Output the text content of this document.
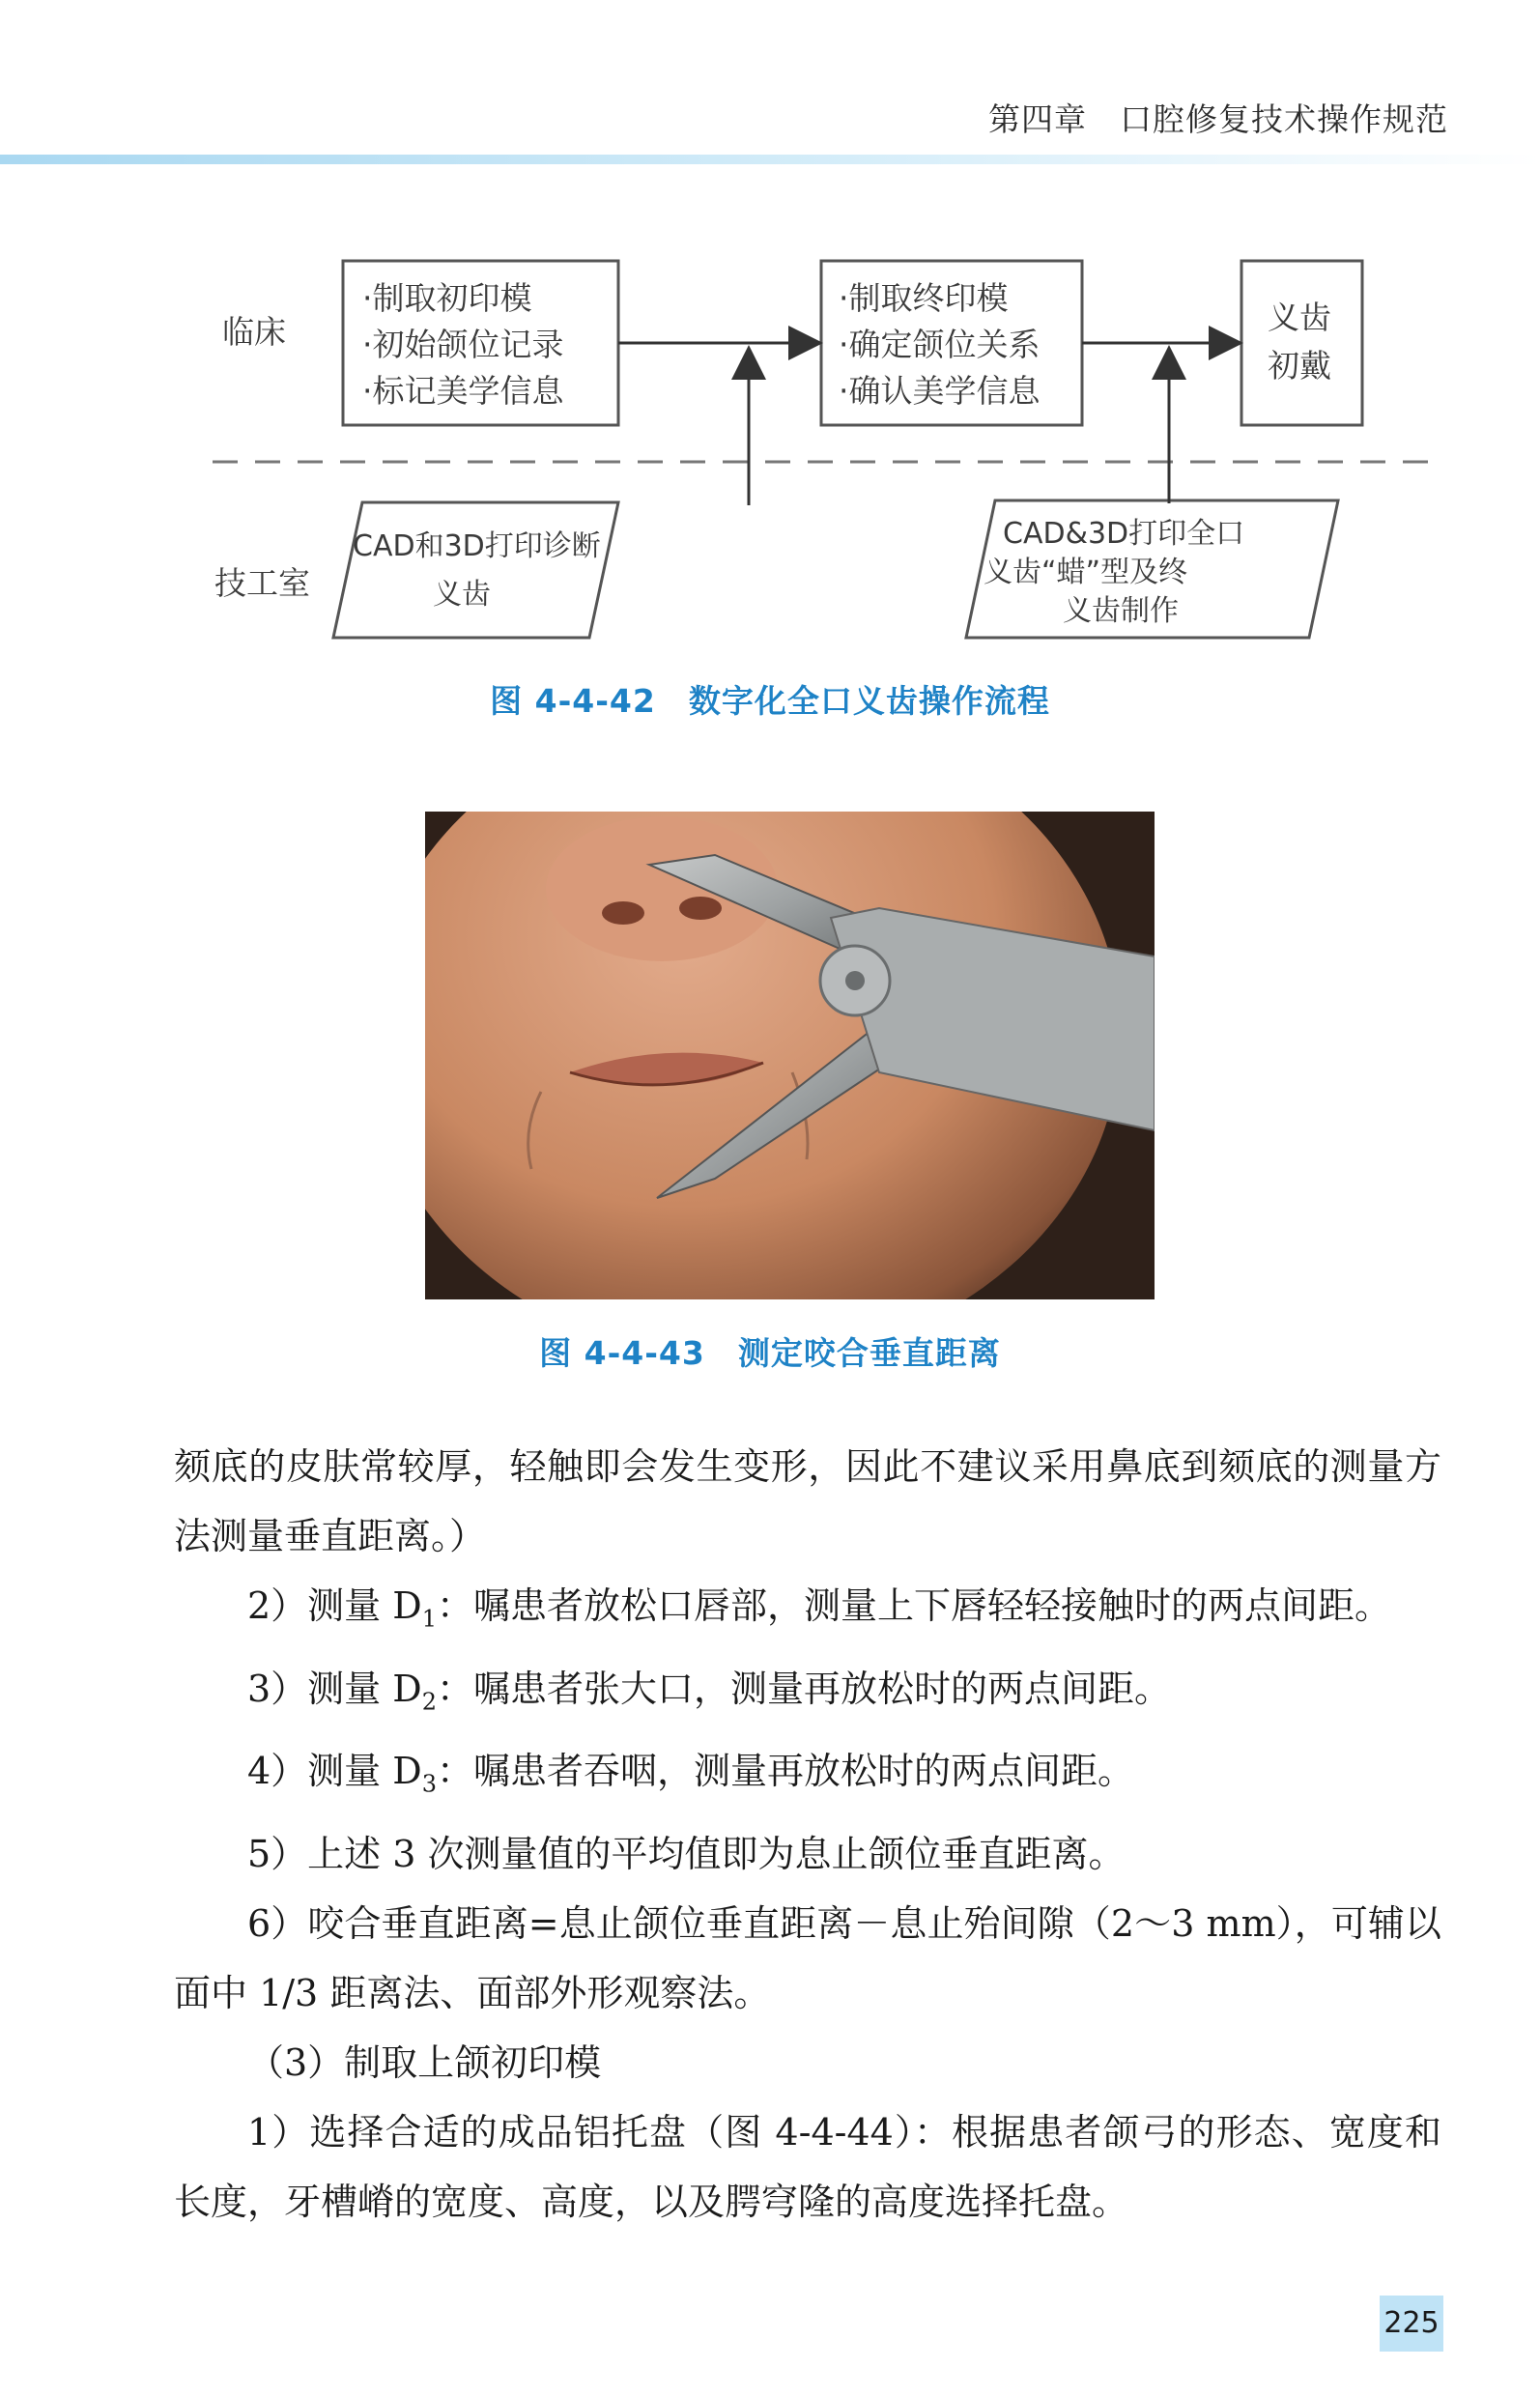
第四章　口腔修复技术操作规范
临床
技工室
·制取初印模
·初始颌位记录
·标记美学信息
·制取终印模
·确定颌位关系
·确认美学信息
义齿
初戴
CAD和3D打印诊断
义齿
CAD&3D打印全口
义齿“蜡”型及终
义齿制作
图 4-4-42　数字化全口义齿操作流程
图 4-4-43　测定咬合垂直距离

颏底的皮肤常较厚，轻触即会发生变形，因此不建议采用鼻底到颏底的测量方法测量垂直距离。）

2）测量 $D_1$：嘱患者放松口唇部，测量上下唇轻轻接触时的两点间距。

3）测量 $D_2$：嘱患者张大口，测量再放松时的两点间距。

4）测量 $D_3$：嘱患者吞咽，测量再放松时的两点间距。

5）上述 3 次测量值的平均值即为息止颌位垂直距离。

6）咬合垂直距离=息止颌位垂直距离－息止殆间隙（2～3 mm），可辅以面中 1/3 距离法、面部外形观察法。

（3）制取上颌初印模

1）选择合适的成品铝托盘（图 4-4-44）：根据患者颌弓的形态、宽度和长度，牙槽嵴的宽度、高度，以及腭穹隆的高度选择托盘。

225
